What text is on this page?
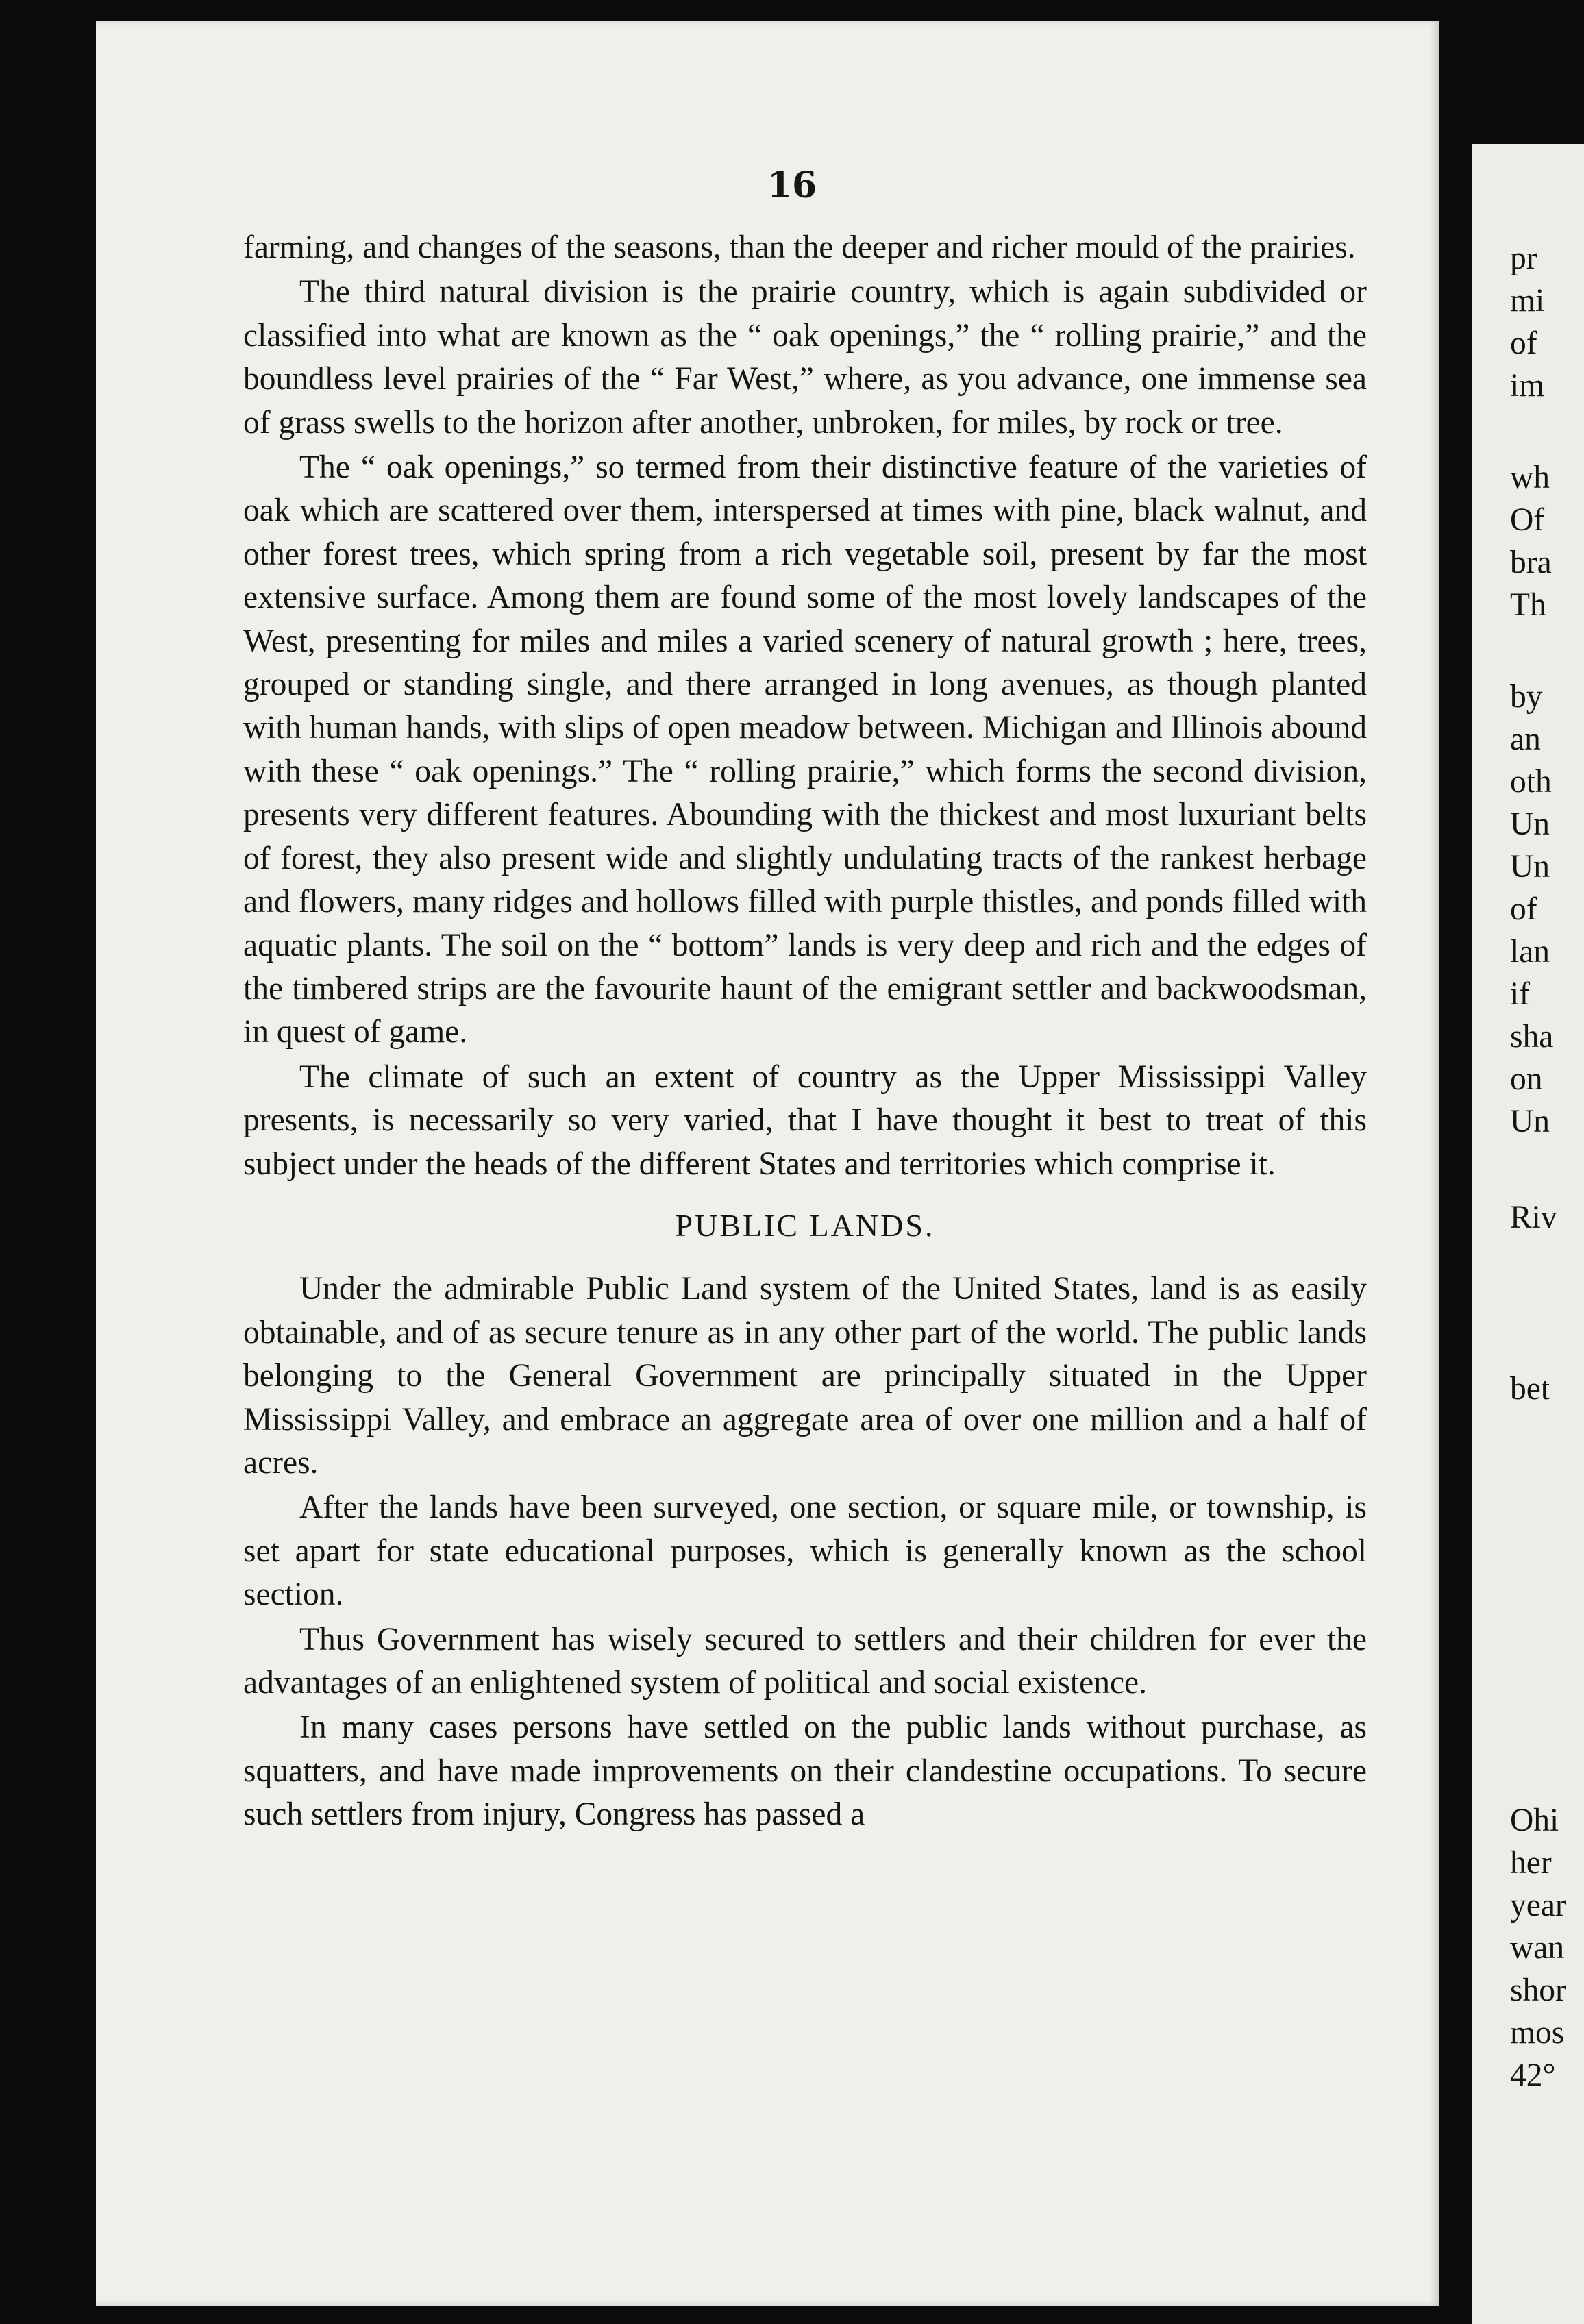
16

farming, and changes of the seasons, than the deeper and richer mould of the prairies.

The third natural division is the prairie country, which is again subdivided or classified into what are known as the “ oak openings,” the “ rolling prairie,” and the boundless level prairies of the “ Far West,” where, as you advance, one immense sea of grass swells to the horizon after another, unbroken, for miles, by rock or tree.

The “ oak openings,” so termed from their distinctive feature of the varieties of oak which are scattered over them, interspersed at times with pine, black walnut, and other forest trees, which spring from a rich vegetable soil, present by far the most extensive surface. Among them are found some of the most lovely landscapes of the West, presenting for miles and miles a varied scenery of natural growth ; here, trees, grouped or standing single, and there arranged in long avenues, as though planted with human hands, with slips of open meadow between. Michigan and Illinois abound with these “ oak openings.” The “ rolling prairie,” which forms the second division, presents very different features. Abounding with the thickest and most luxuriant belts of forest, they also present wide and slightly undulating tracts of the rankest herbage and flowers, many ridges and hollows filled with purple thistles, and ponds filled with aquatic plants. The soil on the “ bottom” lands is very deep and rich and the edges of the timbered strips are the favourite haunt of the emigrant settler and backwoodsman, in quest of game.

The climate of such an extent of country as the Upper Mississippi Valley presents, is necessarily so very varied, that I have thought it best to treat of this subject under the heads of the different States and territories which comprise it.

PUBLIC LANDS.

Under the admirable Public Land system of the United States, land is as easily obtainable, and of as secure tenure as in any other part of the world. The public lands belonging to the General Government are principally situated in the Upper Mississippi Valley, and embrace an aggregate area of over one million and a half of acres.

After the lands have been surveyed, one section, or square mile, or township, is set apart for state educational purposes, which is generally known as the school section.

Thus Government has wisely secured to settlers and their children for ever the advantages of an enlightened system of political and social existence.

In many cases persons have settled on the public lands without purchase, as squatters, and have made improvements on their clandestine occupations. To secure such settlers from injury, Congress has passed a

pr
mi
of
im
wh
Of
bra
Th
by
an
oth
Un
Un
of
lan
if
sha
on
Un
Riv
bet
Ohi
her
year
wan
shor
mos
42°
